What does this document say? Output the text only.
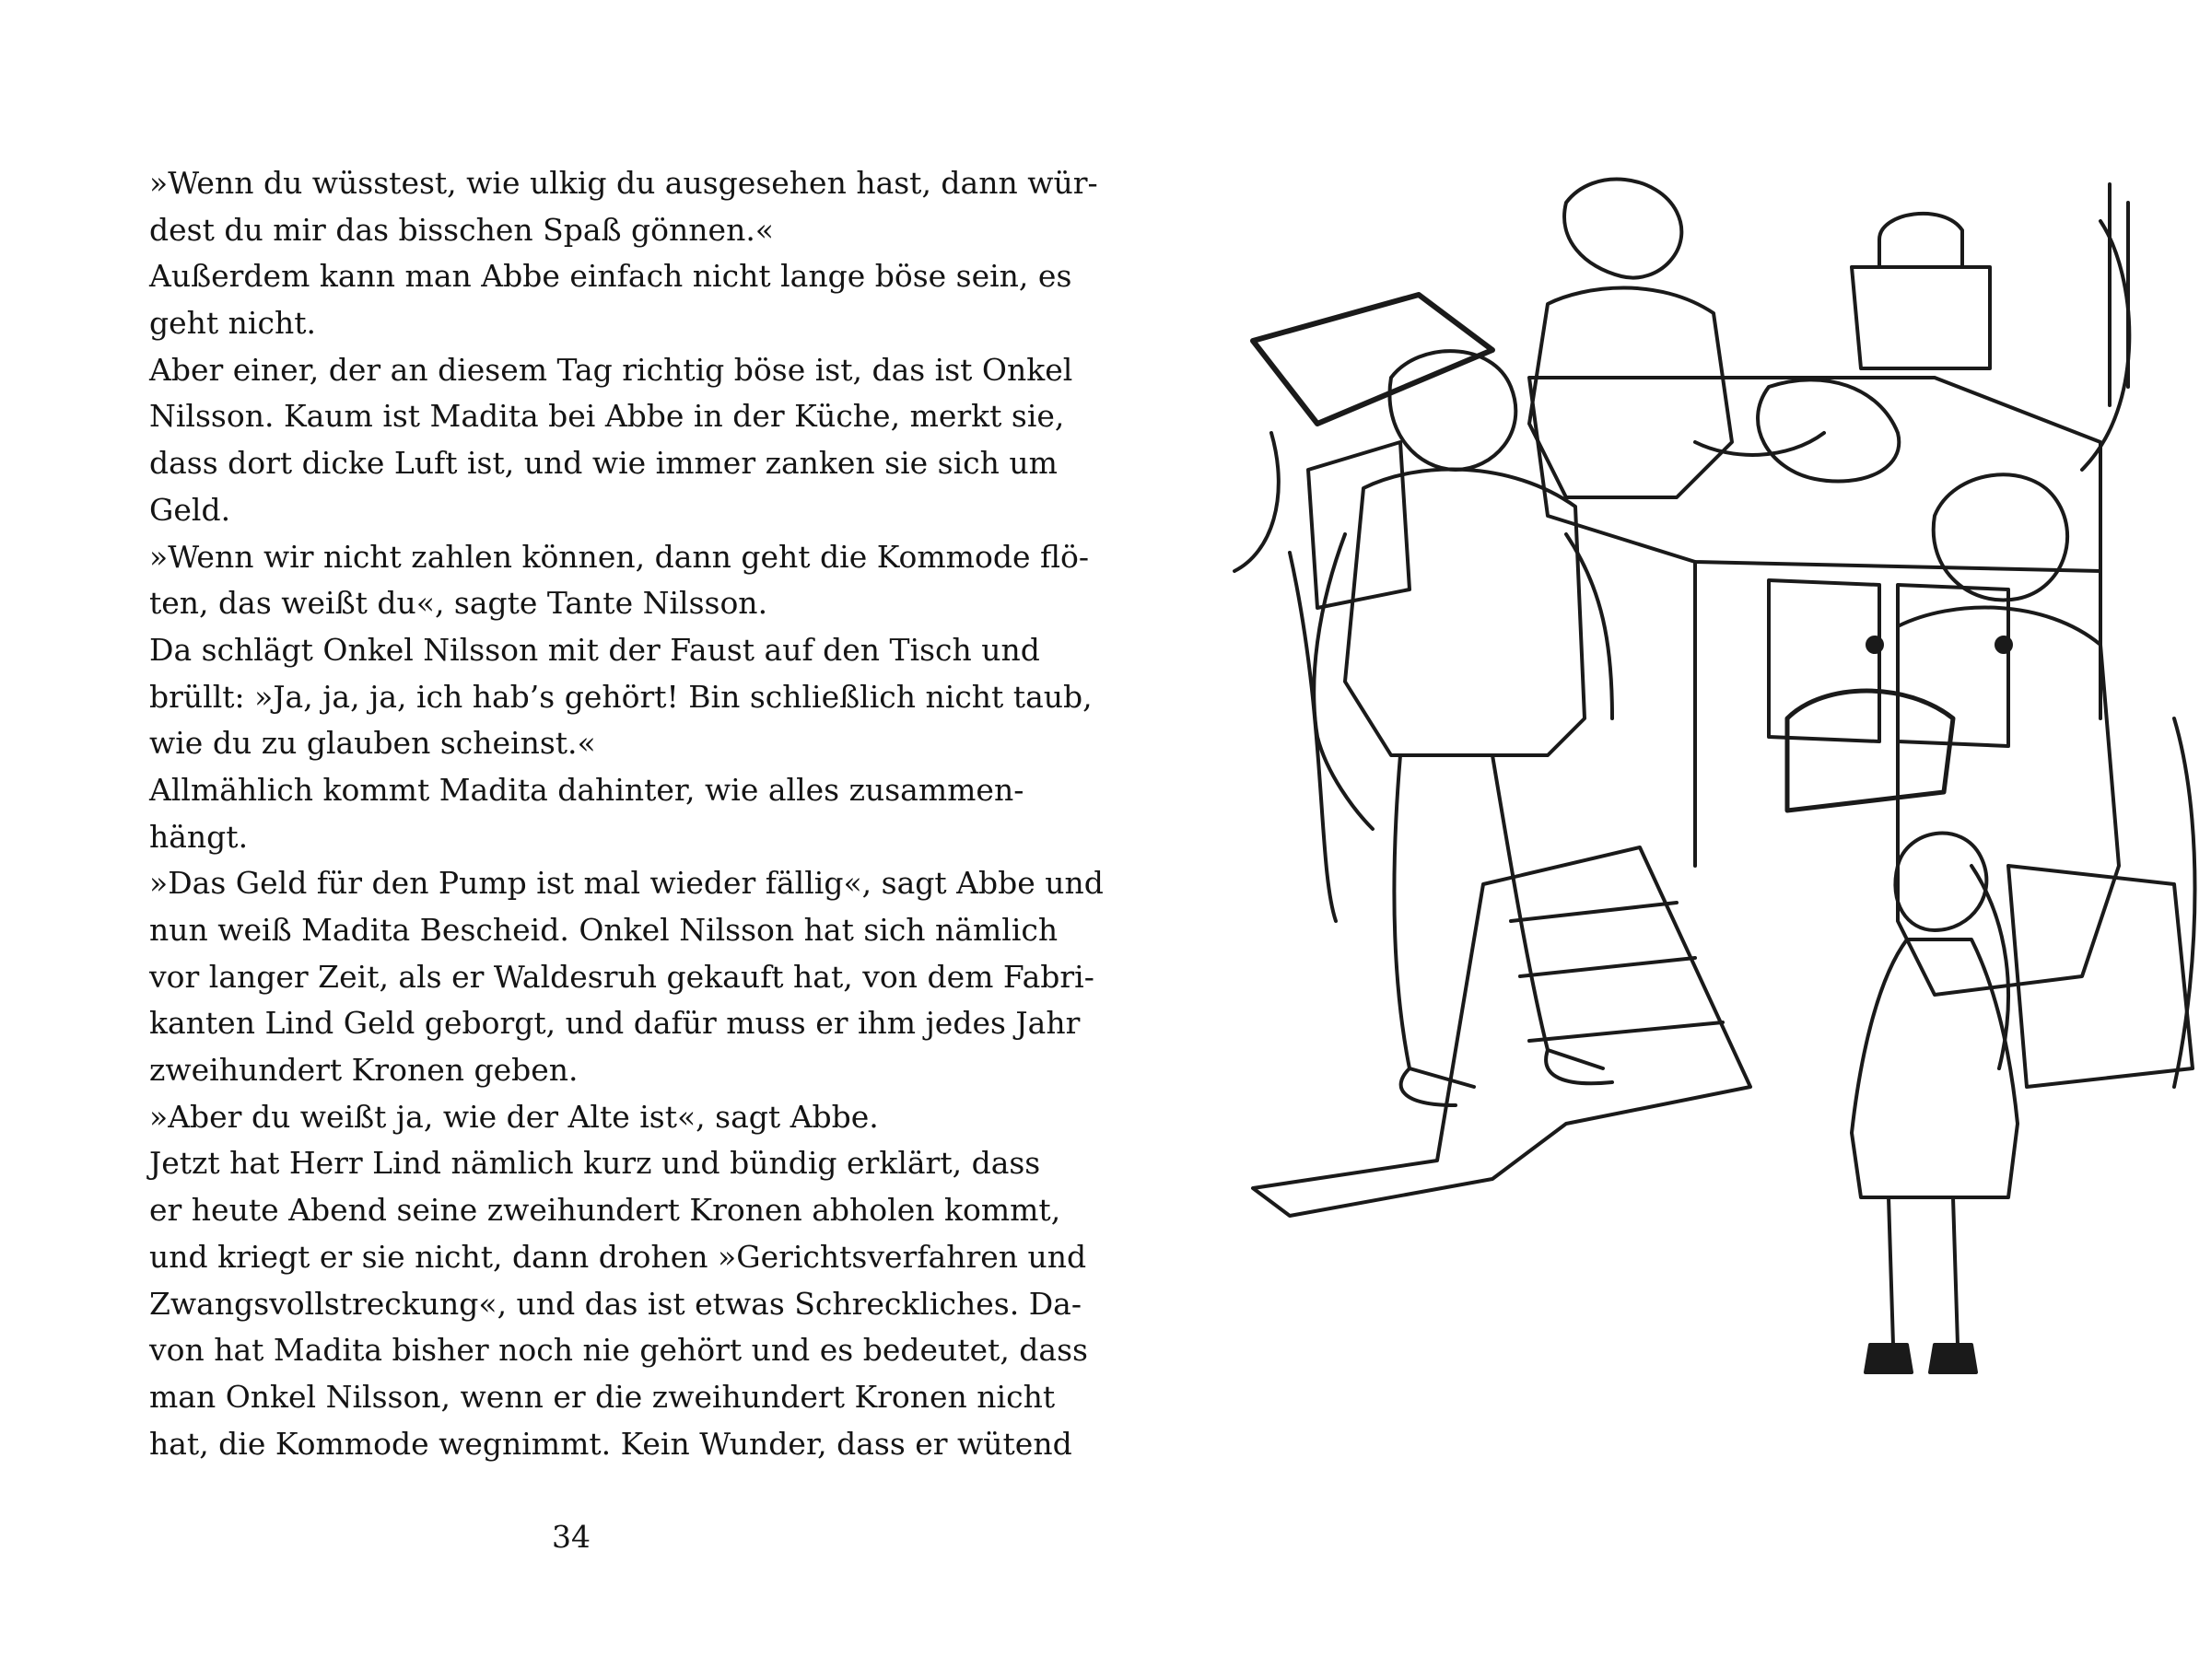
»Wenn du wüsstest, wie ulkig du ausgesehen hast, dann wür-
dest du mir das bisschen Spaß gönnen.«
Außerdem kann man Abbe einfach nicht lange böse sein, es
geht nicht.
Aber einer, der an diesem Tag richtig böse ist, das ist Onkel
Nilsson. Kaum ist Madita bei Abbe in der Küche, merkt sie,
dass dort dicke Luft ist, und wie immer zanken sie sich um
Geld.
»Wenn wir nicht zahlen können, dann geht die Kommode flö-
ten, das weißt du«, sagte Tante Nilsson.
Da schlägt Onkel Nilsson mit der Faust auf den Tisch und
brüllt: »Ja, ja, ja, ich hab’s gehört! Bin schließlich nicht taub,
wie du zu glauben scheinst.«
Allmählich kommt Madita dahinter, wie alles zusammen-
hängt.
»Das Geld für den Pump ist mal wieder fällig«, sagt Abbe und
nun weiß Madita Bescheid. Onkel Nilsson hat sich nämlich
vor langer Zeit, als er Waldesruh gekauft hat, von dem Fabri-
kanten Lind Geld geborgt, und dafür muss er ihm jedes Jahr
zweihundert Kronen geben.
»Aber du weißt ja, wie der Alte ist«, sagt Abbe.
Jetzt hat Herr Lind nämlich kurz und bündig erklärt, dass
er heute Abend seine zweihundert Kronen abholen kommt,
und kriegt er sie nicht, dann drohen »Gerichtsverfahren und
Zwangsvollstreckung«, und das ist etwas Schreckliches. Da-
von hat Madita bisher noch nie gehört und es bedeutet, dass
man Onkel Nilsson, wenn er die zweihundert Kronen nicht
hat, die Kommode wegnimmt. Kein Wunder, dass er wütend
34
